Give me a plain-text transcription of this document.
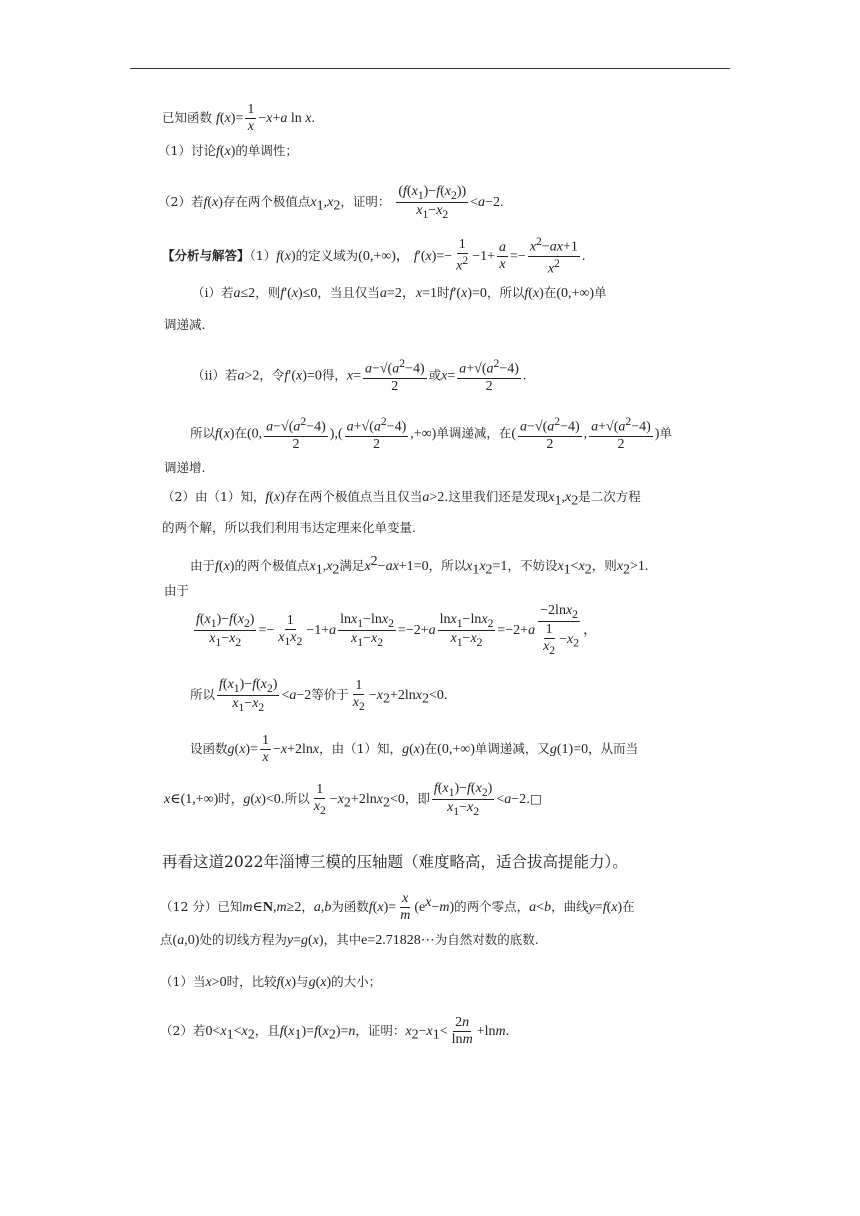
已知函数 $f(x)= \frac{1}{x} -x+a$ ln x.
（1）讨论f(x)的单调性；
（2）若f(x)存在两个极值点$x_1,x_2$，证明： $\frac{(f(x_1)-f(x_2))}{x_1-x_2} <a-2$.
【分析与解答】（1）f(x)的定义域为(0,+∞)， $f'(x)=- \frac{1}{x^2} -1+ \frac{a}{x} =- \frac{x^2-ax+1}{x^2}$ .
（i）若a≤2，则f′(x)≤0，当且仅当a=2，x=1时f′(x)=0，所以f(x)在(0,+∞)单
调递减.
（ii）若a>2，令f′(x)=0得，$x= \frac{a-√(a^2-4)}{2}$ 或$x= \frac{a+√(a^2-4)}{2}$ .
所以f(x)在(0, $\frac{a-√(a^2-4)}{2}$ ),( $\frac{a+√(a^2-4)}{2}$ ,+∞)单调递减，在( $\frac{a-√(a^2-4)}{2}$ , $\frac{a+√(a^2-4)}{2}$ )单
调递增.
（2）由（1）知，f(x)存在两个极值点当且仅当a>2.这里我们还是发现$x_1,x_2$是二次方程
的两个解，所以我们利用韦达定理来化单变量.
由于f(x)的两个极值点$x_1,x_2$满足$x^2-ax+1=0$，所以$x_1x_2=1$，不妨设$x_1<x_2$，则$x_2>1$.
由于
$\frac{f(x_1)-f(x_2)}{x_1-x_2} =- \frac{1}{x_1x_2} -1+a \frac{\ln x_1-\ln x_2}{x_1-x_2} =-2+a \frac{\ln x_1-\ln x_2}{x_1-x_2} =-2+a \frac{-2\ln x_2}{\frac{1}{x_2} -x_2}$ ，
所以 $\frac{f(x_1)-f(x_2)}{x_1-x_2} <a-2$等价于 $\frac{1}{x_2} -x_2+2\ln x_2<0$.
设函数$g(x)= \frac{1}{x} -x+2\ln x$，由（1）知，g(x)在(0,+∞)单调递减，又g(1)=0，从而当
x∈(1,+∞)时，g(x)<0.所以 $\frac{1}{x_2} -x_2+2\ln x_2<0$，即 $\frac{f(x_1)-f(x_2)}{x_1-x_2}$ <a−2.□
再看这道2022年淄博三模的压轴题（难度略高，适合拔高提能力）。
（12 分）已知m∈N,m≥2，a,b为函数$f(x)= \frac{x}{m} (e^x-m)$的两个零点，a<b，曲线y=f(x)在
点(a,0)处的切线方程为y=g(x)，其中e=2.71828⋯为自然对数的底数.
（1）当x>0时，比较f(x)与g(x)的大小；
（2）若$0<x_1<x_2$，且$f(x_1)=f(x_2)=n$，证明：$x_2-x_1< \frac{2n}{\ln m} +\ln m$.
